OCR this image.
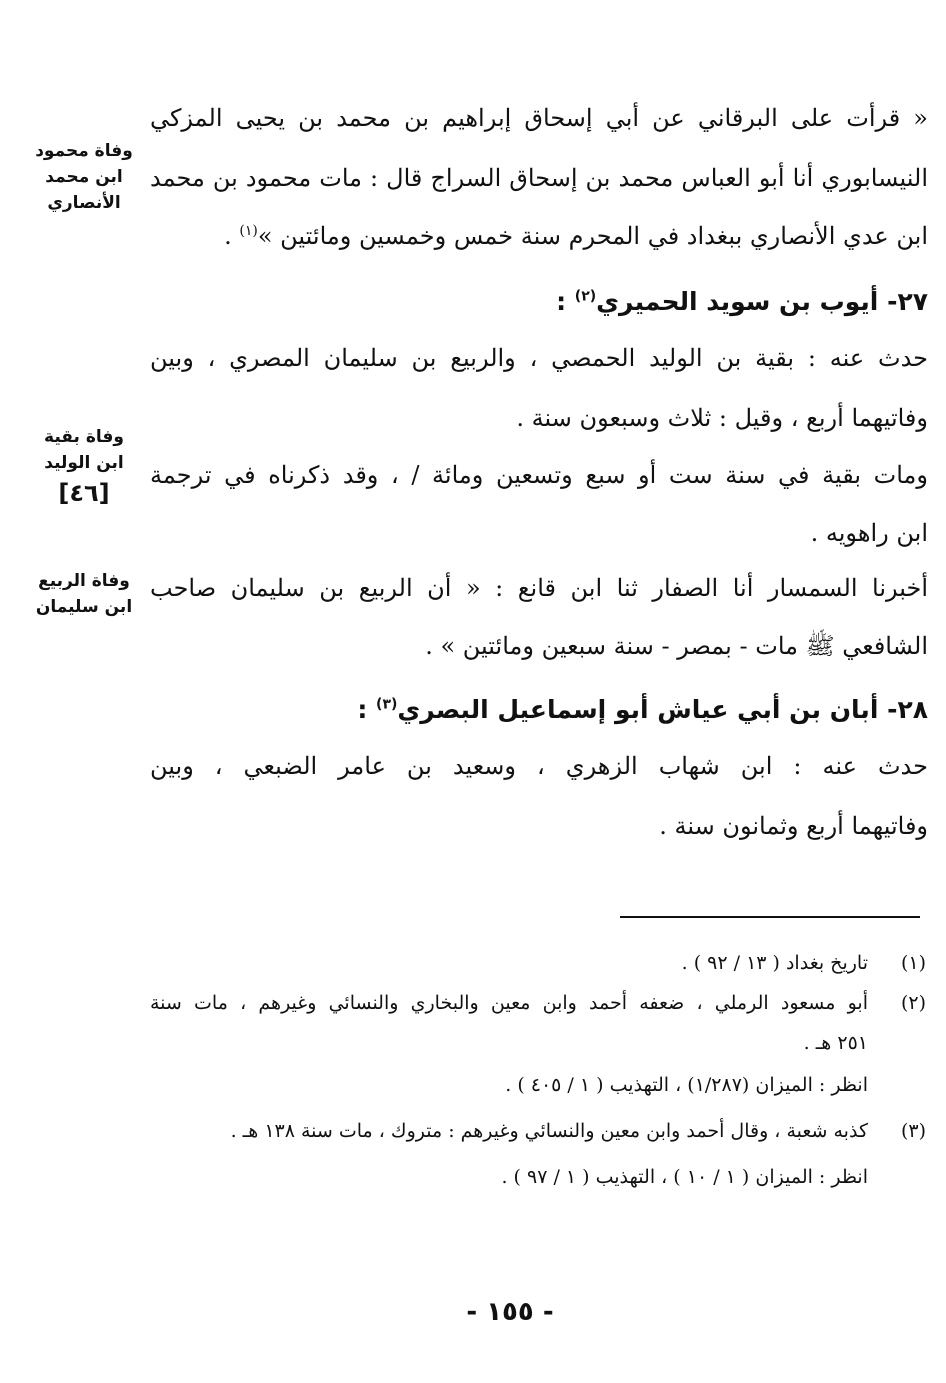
« قرأت على البرقاني عن أبي إسحاق إبراهيم بن محمد بن يحيى المزكي
النيسابوري أنا أبو العباس محمد بن إسحاق السراج قال : مات محمود بن محمد
ابن عدي الأنصاري ببغداد في المحرم سنة خمس وخمسين ومائتين »$^{(١)}$ .
وفاة محمود
ابن محمد
الأنصاري
٢٧- أيوب بن سويد الحميري$^{(٢)}$ :
حدث عنه : بقية بن الوليد الحمصي ، والربيع بن سليمان المصري ، وبين
وفاتيهما أربع ، وقيل : ثلاث وسبعون سنة .
وفاة بقية
ابن الوليد
[٤٦]
ومات بقية في سنة ست أو سبع وتسعين ومائة / ، وقد ذكرناه في ترجمة
ابن راهويه .
وفاة الربيع
ابن سليمان
أخبرنا السمسار أنا الصفار ثنا ابن قانع : « أن الربيع بن سليمان صاحب
الشافعي ﷺ مات - بمصر - سنة سبعين ومائتين » .
٢٨- أبان بن أبي عياش أبو إسماعيل البصري$^{(٣)}$ :
حدث عنه : ابن شهاب الزهري ، وسعيد بن عامر الضبعي ، وبين
وفاتيهما أربع وثمانون سنة .
(١)
تاريخ بغداد ( ١٣ / ٩٢ ) .
(٢)
أبو مسعود الرملي ، ضعفه أحمد وابن معين والبخاري والنسائي وغيرهم ، مات سنة
٢٥١ هـ .
انظر : الميزان (١/٢٨٧) ، التهذيب ( ١ / ٤٠٥ ) .
(٣)
كذبه شعبة ، وقال أحمد وابن معين والنسائي وغيرهم : متروك ، مات سنة ١٣٨ هـ .
انظر : الميزان ( ١ / ١٠ ) ، التهذيب ( ١ / ٩٧ ) .
- ١٥٥ -
